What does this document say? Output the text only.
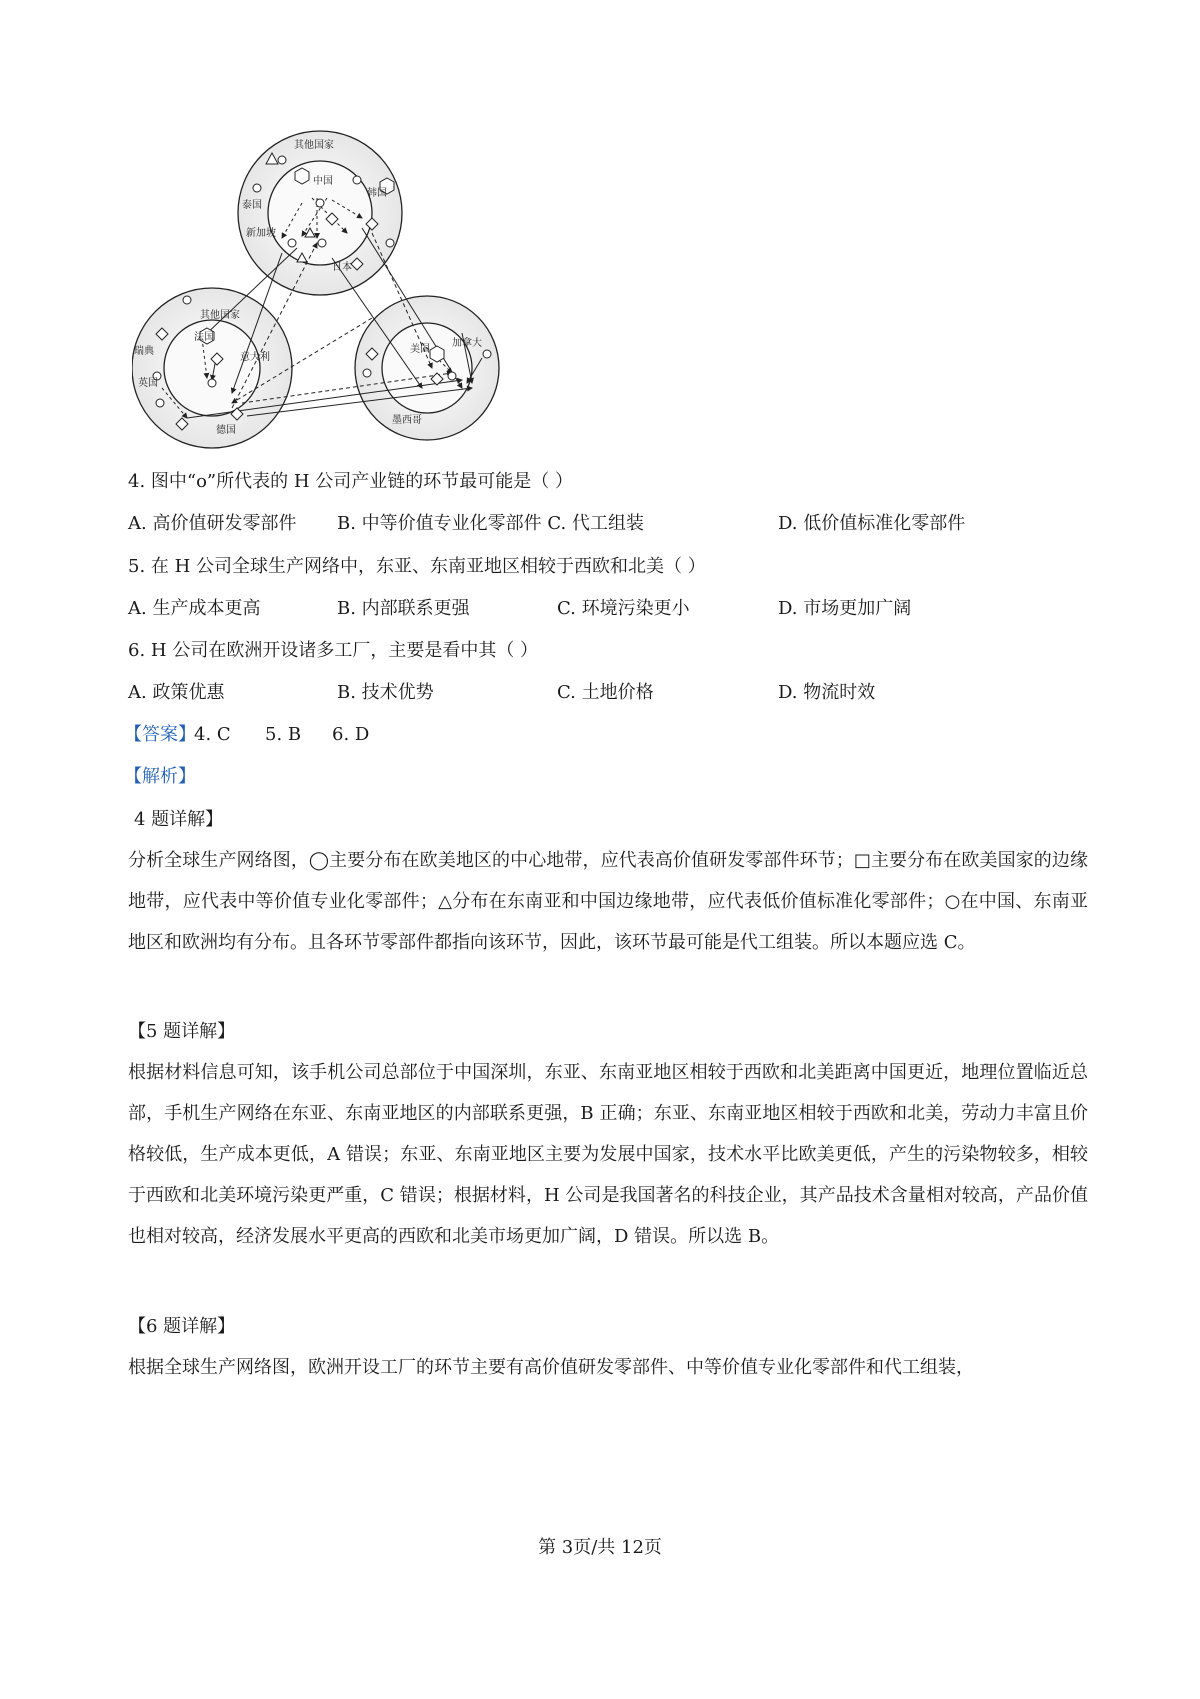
其他国家
中国
韩国
泰国
新加坡
日本
其他国家
法国
瑞典
意大利
英国
德国
美国
加拿大
墨西哥
4. 图中“o”所代表的 H 公司产业链的环节最可能是（ ）
A. 高价值研发零部件 B. 中等价值专业化零部件 C. 代工组装	D. 低价值标准化零部件
5. 在 H 公司全球生产网络中，东亚、东南亚地区相较于西欧和北美（ ）
A. 生产成本更高	B. 内部联系更强	C. 环境污染更小	D. 市场更加广阔
6. H 公司在欧洲开设诸多工厂，主要是看中其（ ）
A. 政策优惠	B. 技术优势	C. 土地价格	D. 物流时效
【答案】
4. C 5. B 6. D
【解析】
4 题详解】
分析全球生产网络图，◯主要分布在欧美地区的中心地带，应代表高价值研发零部件环节；□主要分布在欧美国家的边缘地带，应代表中等价值专业化零部件；△分布在东南亚和中国边缘地带，应代表低价值标准化零部件；○在中国、东南亚地区和欧洲均有分布。且各环节零部件都指向该环节，因此，该环节最可能是代工组装。所以本题应选 C。
【5 题详解】
根据材料信息可知，该手机公司总部位于中国深圳，东亚、东南亚地区相较于西欧和北美距离中国更近，地理位置临近总部，手机生产网络在东亚、东南亚地区的内部联系更强，B 正确；东亚、东南亚地区相较于西欧和北美，劳动力丰富且价格较低，生产成本更低，A 错误；东亚、东南亚地区主要为发展中国家，技术水平比欧美更低，产生的污染物较多，相较于西欧和北美环境污染更严重，C 错误；根据材料，H 公司是我国著名的科技企业，其产品技术含量相对较高，产品价值也相对较高，经济发展水平更高的西欧和北美市场更加广阔，D 错误。所以选 B。
【6 题详解】
根据全球生产网络图，欧洲开设工厂的环节主要有高价值研发零部件、中等价值专业化零部件和代工组装，
第 3页/共 12页
